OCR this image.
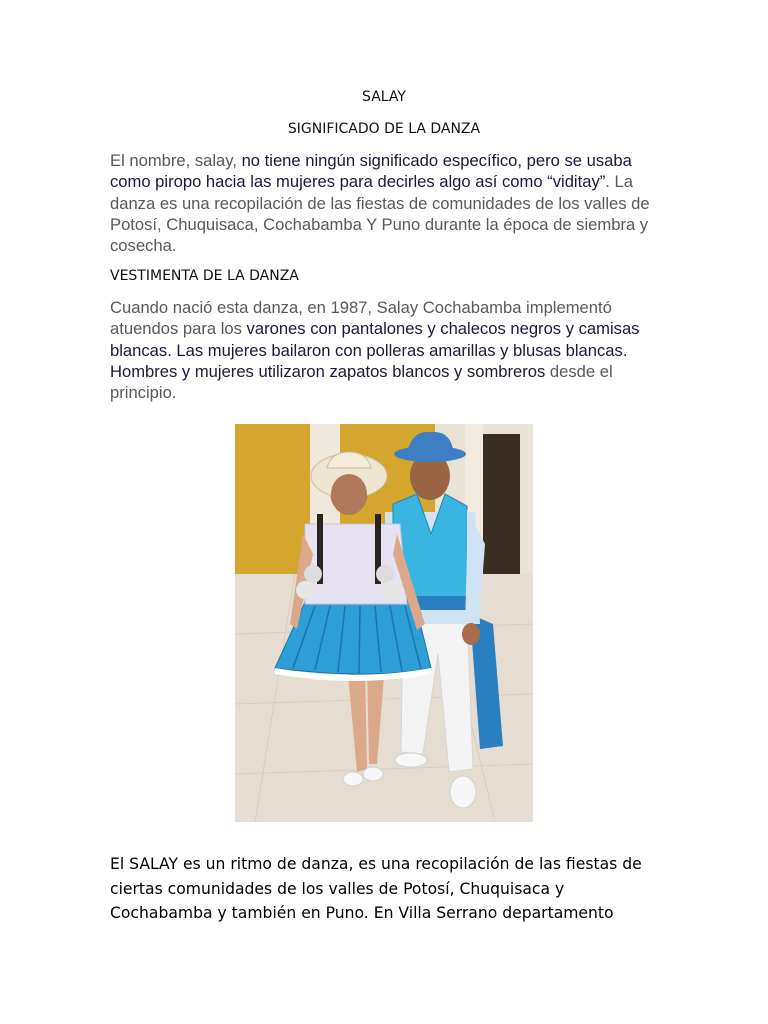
SALAY
SIGNIFICADO DE LA DANZA
El nombre, salay, no tiene ningún significado específico, pero se usaba como piropo hacia las mujeres para decirles algo así como “viditay”. La danza es una recopilación de las fiestas de comunidades de los valles de Potosí, Chuquisaca, Cochabamba Y Puno durante la época de siembra y cosecha.
VESTIMENTA DE LA DANZA
Cuando nació esta danza, en 1987, Salay Cochabamba implementó atuendos para los varones con pantalones y chalecos negros y camisas blancas. Las mujeres bailaron con polleras amarillas y blusas blancas. Hombres y mujeres utilizaron zapatos blancos y sombreros desde el principio.
El SALAY es un ritmo de danza, es una recopilación de las fiestas de ciertas comunidades de los valles de Potosí, Chuquisaca y Cochabamba y también en Puno. En Villa Serrano departamento
